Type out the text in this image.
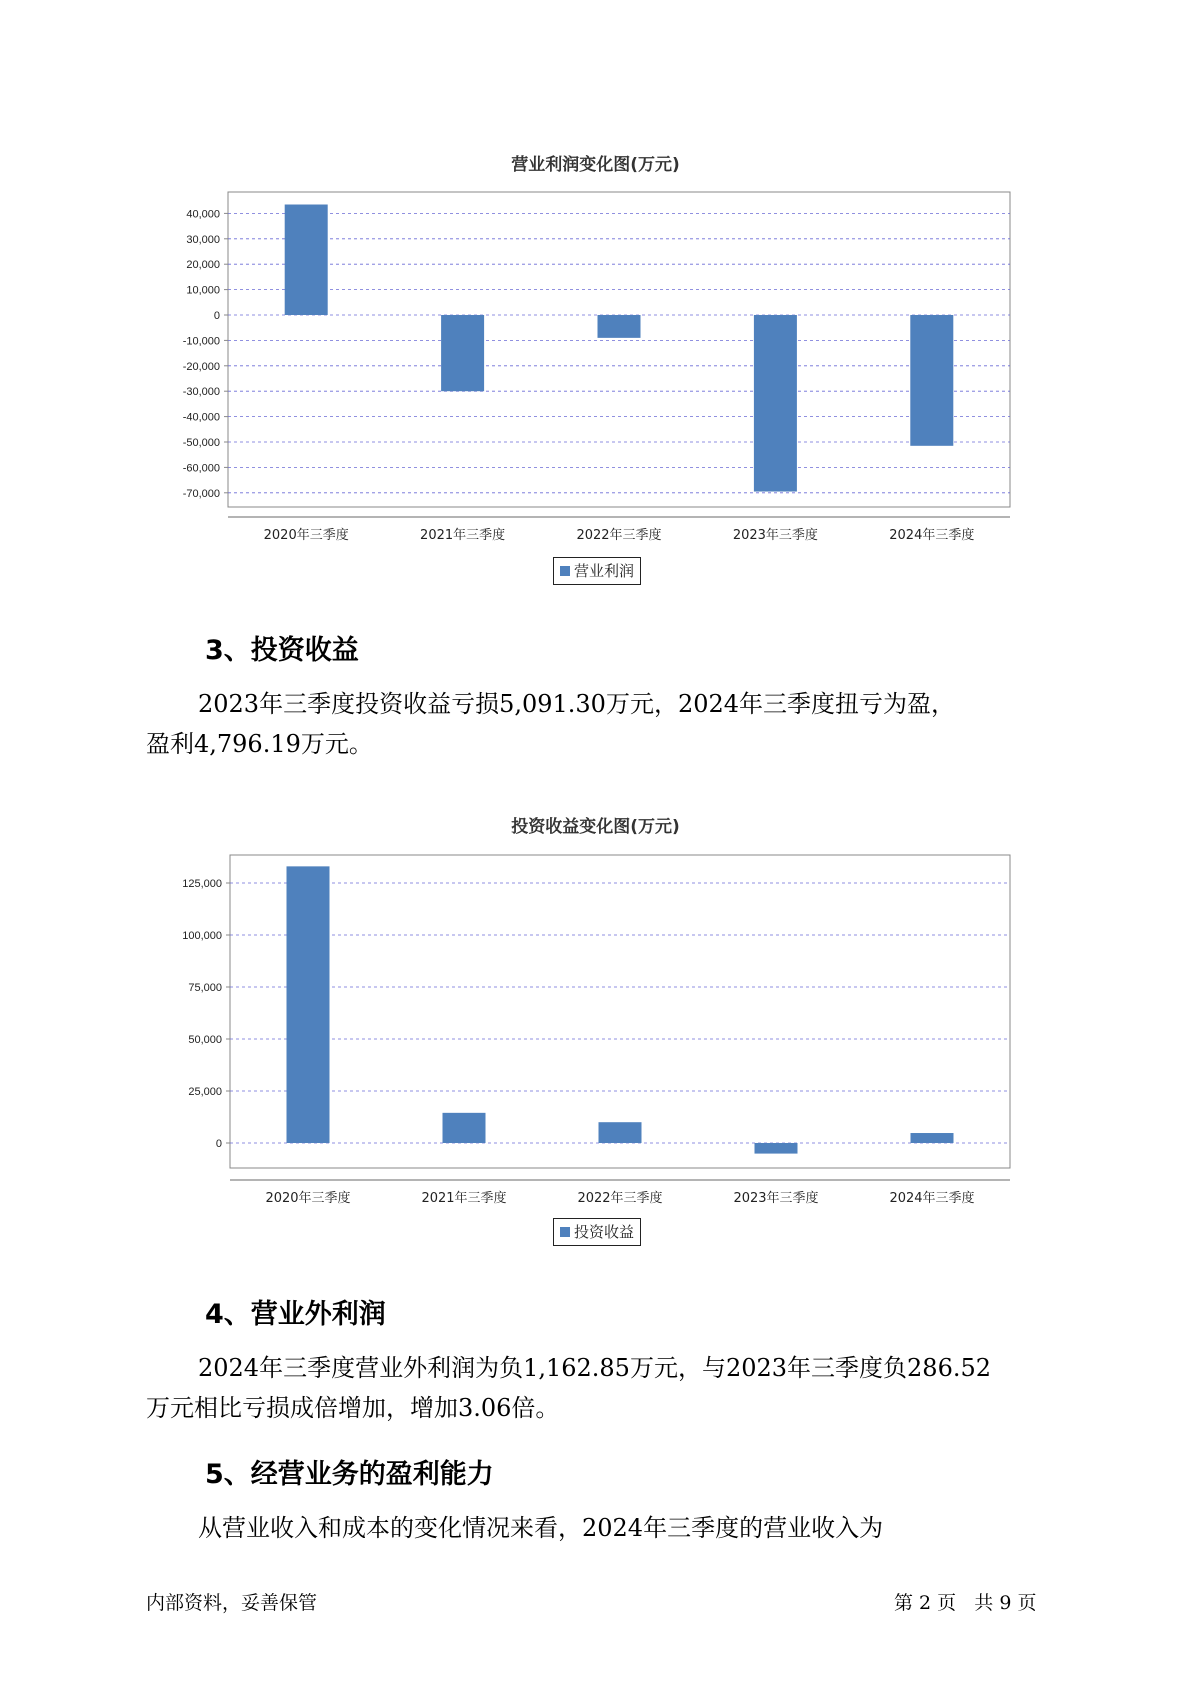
营业利润变化图(万元)
40,000
30,000
20,000
10,000
0
-10,000
-20,000
-30,000
-40,000
-50,000
-60,000
-70,000
2020年三季度	2021年三季度	2022年三季度	2023年三季度	2024年三季度
营业利润
3、投资收益
2023年三季度投资收益亏损5,091.30万元，2024年三季度扭亏为盈，
盈利4,796.19万元。
投资收益变化图(万元)
125,000
100,000
75,000
50,000
25,000
0
2020年三季度	2021年三季度	2022年三季度	2023年三季度	2024年三季度
投资收益
4、营业外利润
2024年三季度营业外利润为负1,162.85万元，与2023年三季度负286.52
万元相比亏损成倍增加，增加3.06倍。
5、经营业务的盈利能力
从营业收入和成本的变化情况来看，2024年三季度的营业收入为
内部资料，妥善保管	第 2 页   共 9 页
